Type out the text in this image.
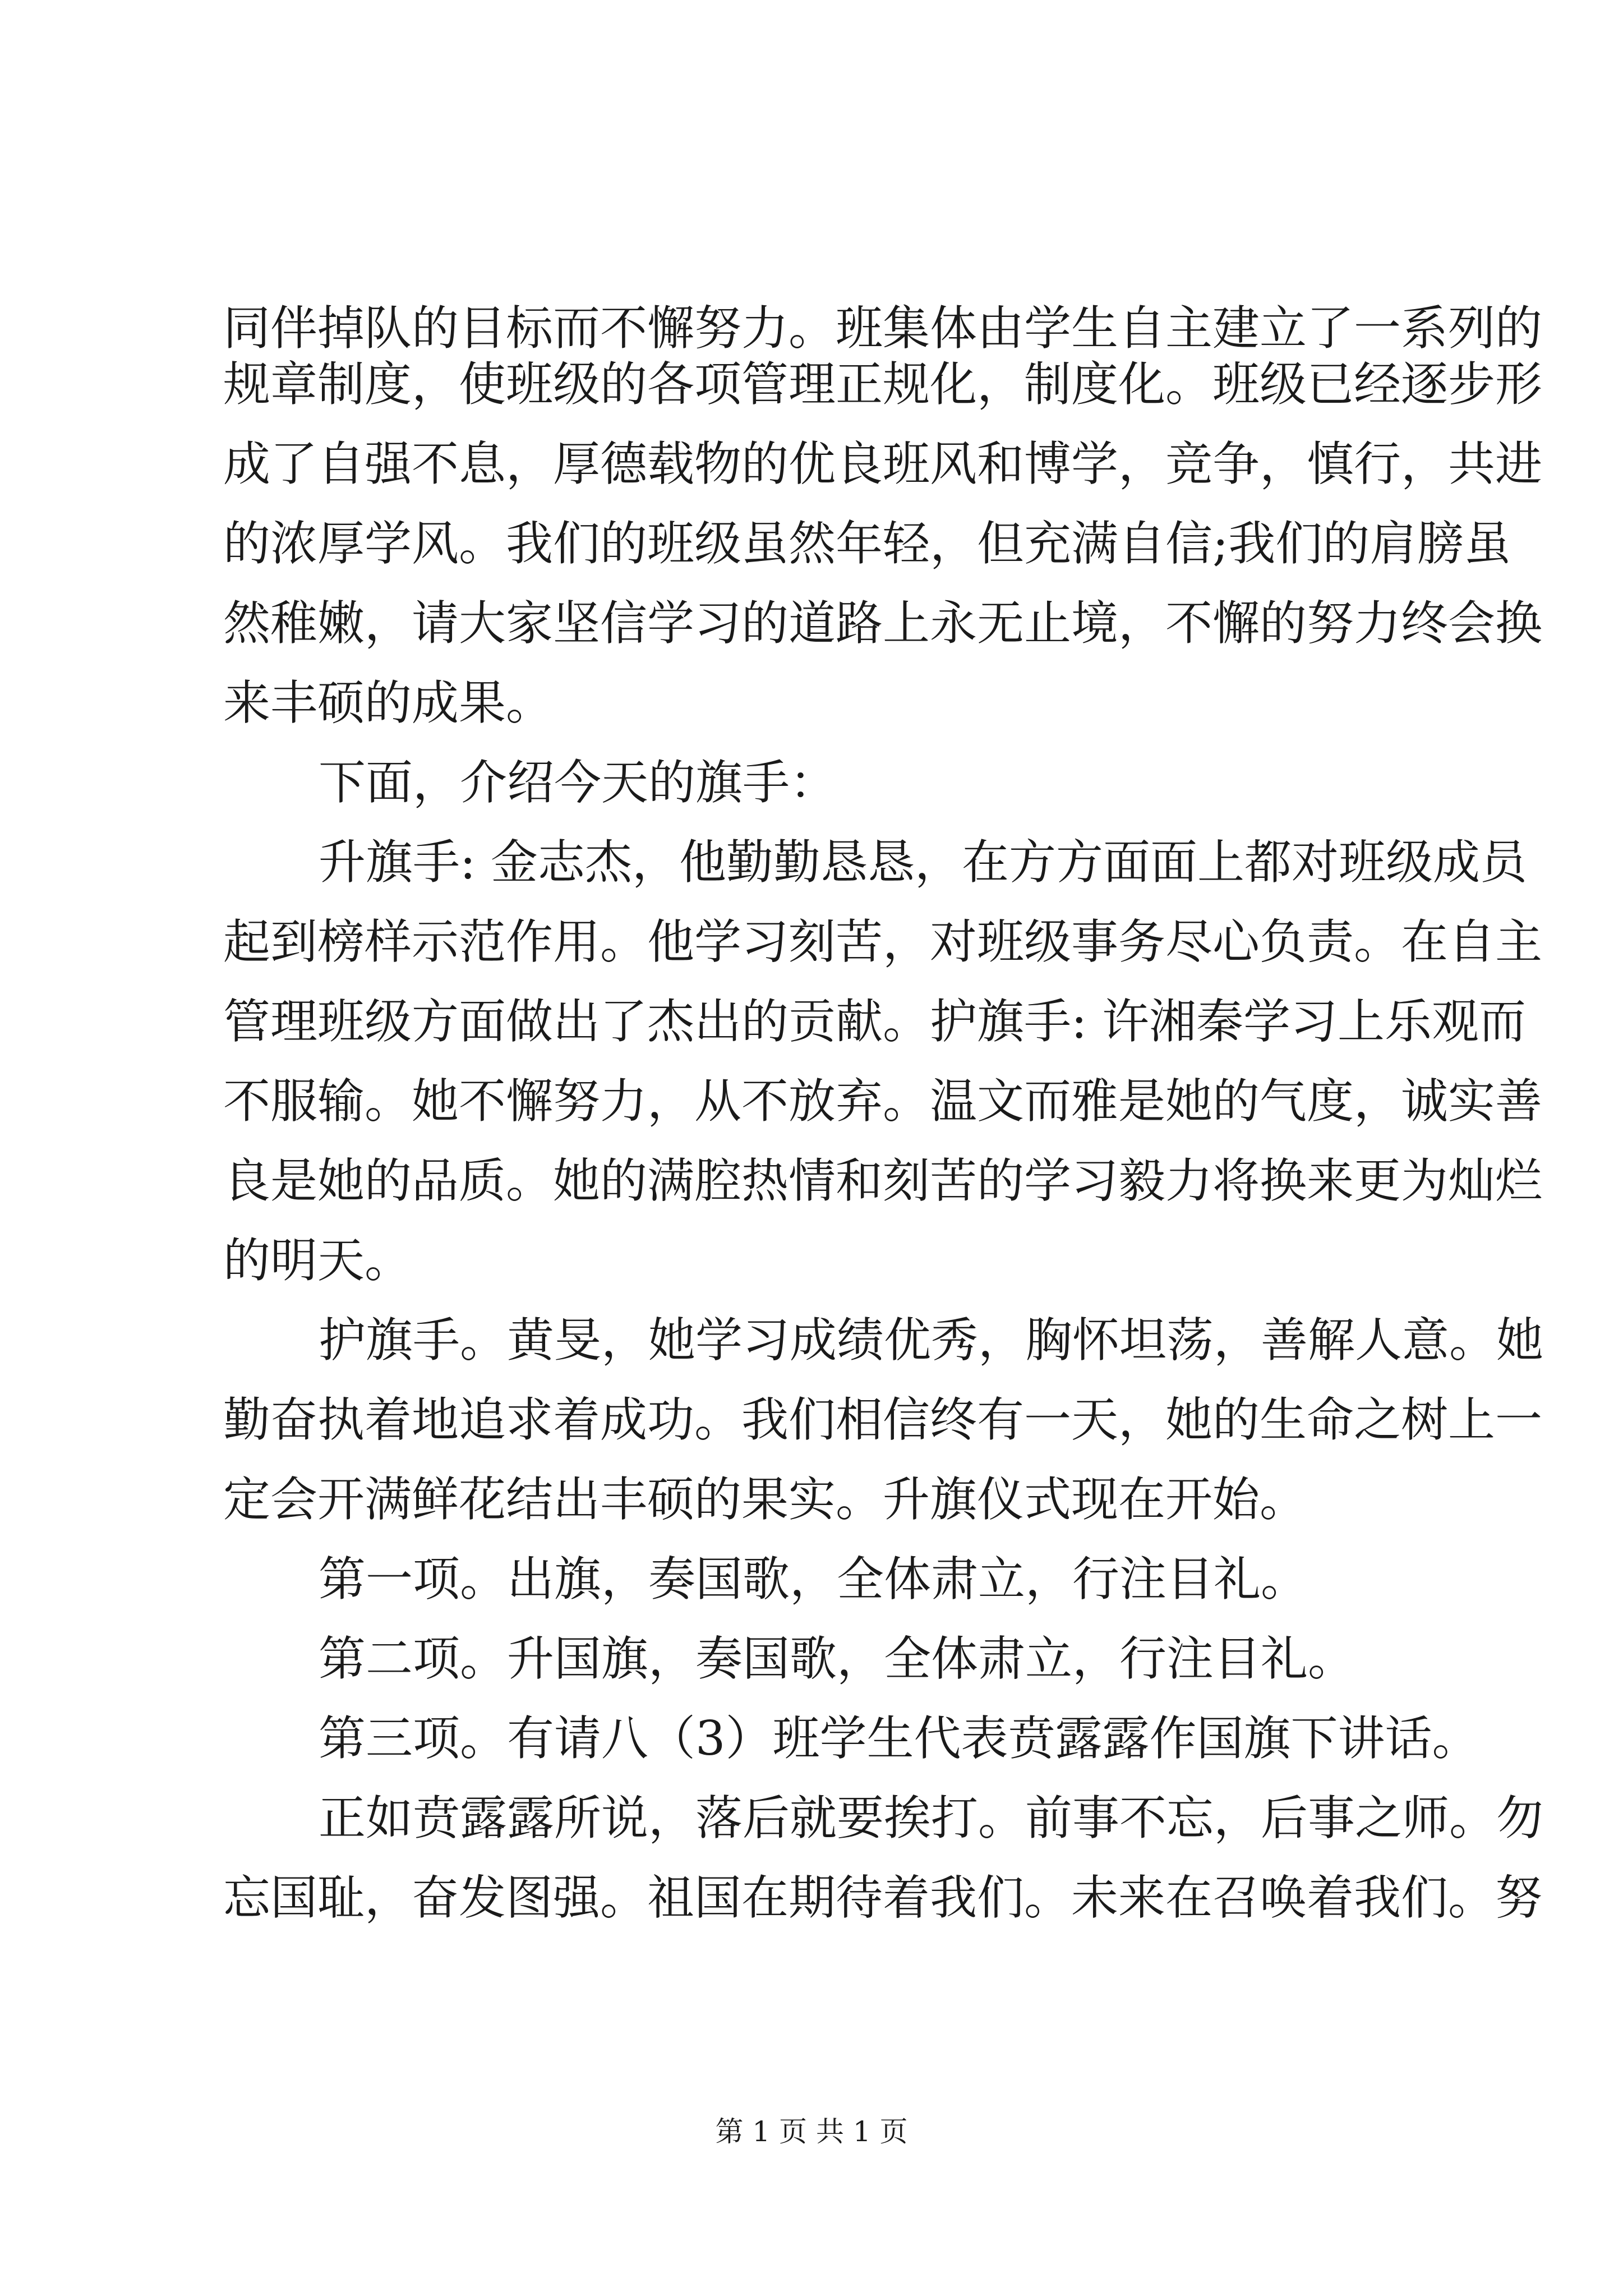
同伴掉队的目标而不懈努力。班集体由学生自主建立了一系列的
规章制度，使班级的各项管理正规化，制度化。班级已经逐步形
成了自强不息，厚德载物的优良班风和博学，竞争，慎行，共进
的浓厚学风。我们的班级虽然年轻，但充满自信;我们的肩膀虽
然稚嫩，请大家坚信学习的道路上永无止境，不懈的努力终会换
来丰硕的成果。
下面，介绍今天的旗手：
升旗手: 金志杰，他勤勤恳恳，在方方面面上都对班级成员
起到榜样示范作用。他学习刻苦，对班级事务尽心负责。在自主
管理班级方面做出了杰出的贡献。护旗手: 许湘秦学习上乐观而
不服输。她不懈努力，从不放弃。温文而雅是她的气度，诚实善
良是她的品质。她的满腔热情和刻苦的学习毅力将换来更为灿烂
的明天。
护旗手。黄旻，她学习成绩优秀，胸怀坦荡，善解人意。她
勤奋执着地追求着成功。我们相信终有一天，她的生命之树上一
定会开满鲜花结出丰硕的果实。升旗仪式现在开始。
第一项。出旗，奏国歌，全体肃立，行注目礼。
第二项。升国旗，奏国歌，全体肃立，行注目礼。
第三项。有请八（3）班学生代表贲露露作国旗下讲话。
正如贲露露所说，落后就要挨打。前事不忘，后事之师。勿
忘国耻，奋发图强。祖国在期待着我们。未来在召唤着我们。努
第 1 页 共 1 页
